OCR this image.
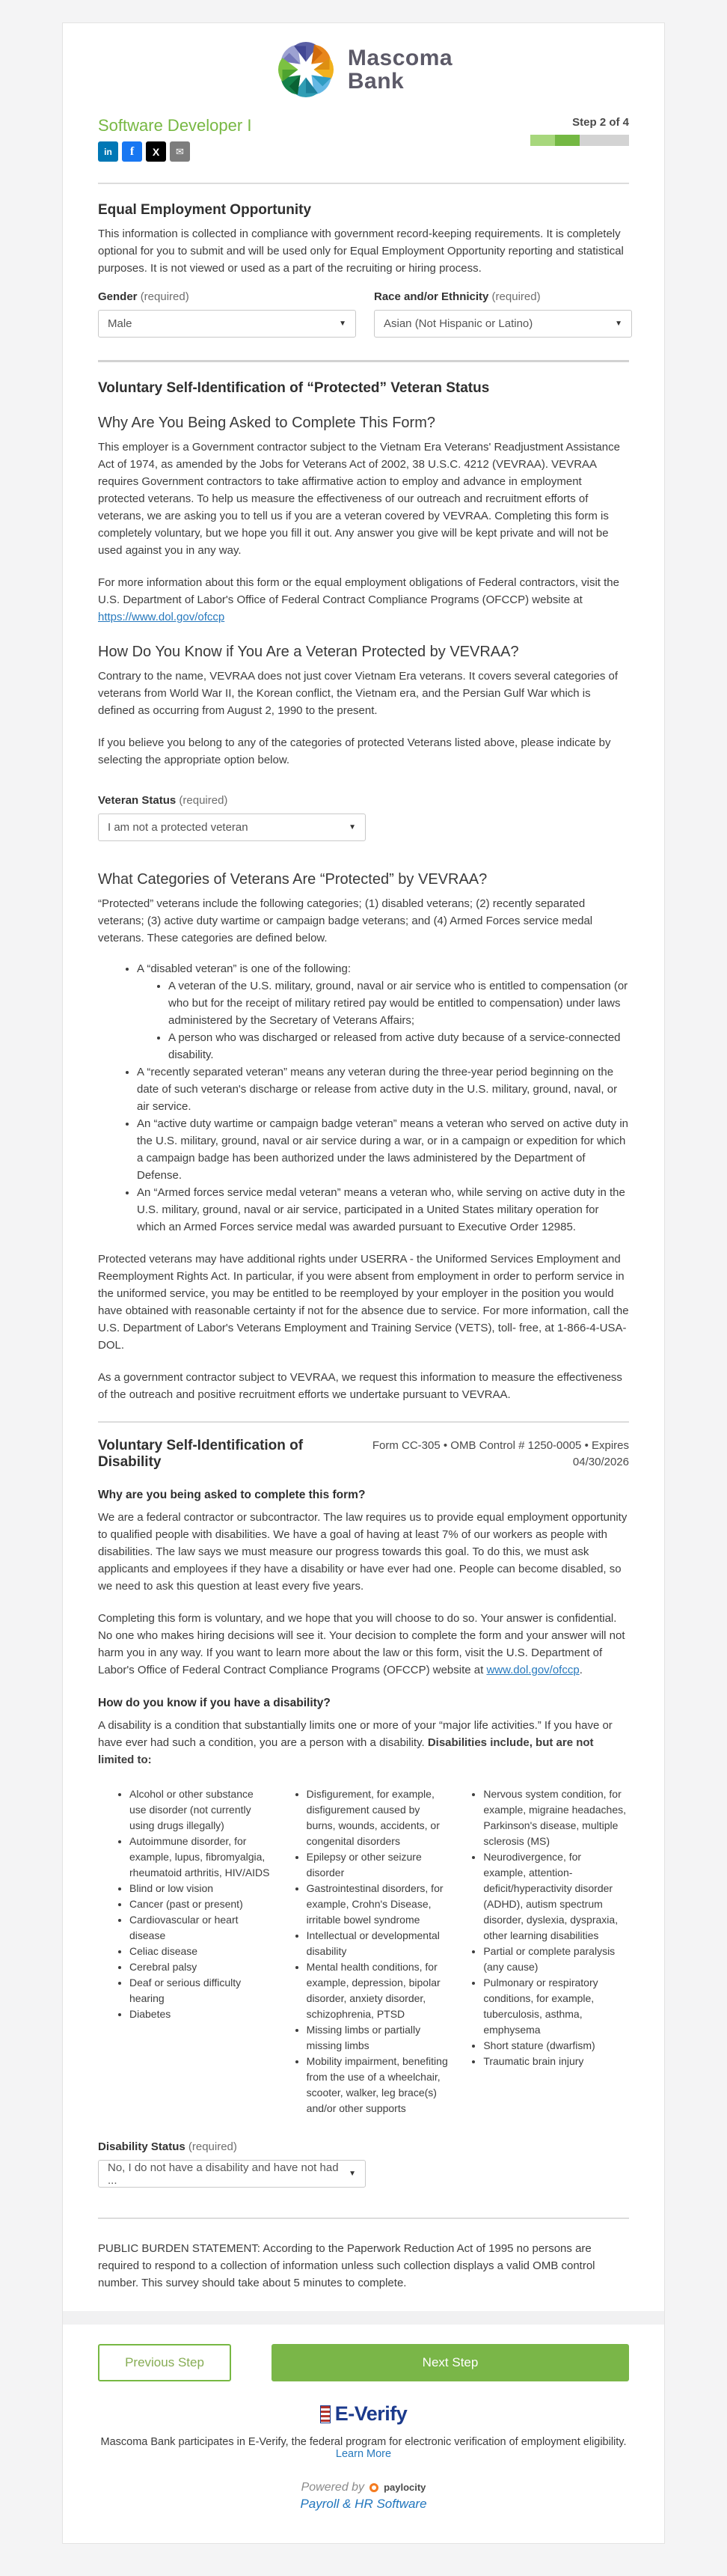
Mascoma
Bank
Software Developer I
in	f	X	✉
Step 2 of 4
Equal Employment Opportunity

This information is collected in compliance with government record-keeping requirements. It is completely optional for you to submit and will be used only for Equal Employment Opportunity reporting and statistical purposes. It is not viewed or used as a part of the recruiting or hiring process.

Gender (required)
Male	▼
Race and/or Ethnicity (required)
Asian (Not Hispanic or Latino)	▼
Voluntary Self-Identification of “Protected” Veteran Status
Why Are You Being Asked to Complete This Form?

This employer is a Government contractor subject to the Vietnam Era Veterans' Readjustment Assistance Act of 1974, as amended by the Jobs for Veterans Act of 2002, 38 U.S.C. 4212 (VEVRAA). VEVRAA requires Government contractors to take affirmative action to employ and advance in employment protected veterans. To help us measure the effectiveness of our outreach and recruitment efforts of veterans, we are asking you to tell us if you are a veteran covered by VEVRAA. Completing this form is completely voluntary, but we hope you fill it out. Any answer you give will be kept private and will not be used against you in any way.

For more information about this form or the equal employment obligations of Federal contractors, visit the U.S. Department of Labor's Office of Federal Contract Compliance Programs (OFCCP) website at
https://www.dol.gov/ofccp

How Do You Know if You Are a Veteran Protected by VEVRAA?

Contrary to the name, VEVRAA does not just cover Vietnam Era veterans. It covers several categories of veterans from World War II, the Korean conflict, the Vietnam era, and the Persian Gulf War which is defined as occurring from August 2, 1990 to the present.

If you believe you belong to any of the categories of protected Veterans listed above, please indicate by selecting the appropriate option below.

Veteran Status (required)
I am not a protected veteran	▼
What Categories of Veterans Are “Protected” by VEVRAA?

“Protected” veterans include the following categories; (1) disabled veterans; (2) recently separated veterans; (3) active duty wartime or campaign badge veterans; and (4) Armed Forces service medal veterans. These categories are defined below.

• A “disabled veteran” is one of the following:
• A veteran of the U.S. military, ground, naval or air service who is entitled to compensation (or who but for the receipt of military retired pay would be entitled to compensation) under laws administered by the Secretary of Veterans Affairs;
• A person who was discharged or released from active duty because of a service-connected disability.
• A “recently separated veteran” means any veteran during the three-year period beginning on the date of such veteran's discharge or release from active duty in the U.S. military, ground, naval, or air service.
• An “active duty wartime or campaign badge veteran” means a veteran who served on active duty in the U.S. military, ground, naval or air service during a war, or in a campaign or expedition for which a campaign badge has been authorized under the laws administered by the Department of Defense.
• An “Armed forces service medal veteran” means a veteran who, while serving on active duty in the U.S. military, ground, naval or air service, participated in a United States military operation for which an Armed Forces service medal was awarded pursuant to Executive Order 12985.

Protected veterans may have additional rights under USERRA - the Uniformed Services Employment and Reemployment Rights Act. In particular, if you were absent from employment in order to perform service in the uniformed service, you may be entitled to be reemployed by your employer in the position you would have obtained with reasonable certainty if not for the absence due to service. For more information, call the U.S. Department of Labor's Veterans Employment and Training Service (VETS), toll- free, at 1-866-4-USA-DOL.

As a government contractor subject to VEVRAA, we request this information to measure the effectiveness of the outreach and positive recruitment efforts we undertake pursuant to VEVRAA.

Voluntary Self-Identification of Disability
Form CC-305 • OMB Control # 1250-0005 • Expires 04/30/2026
Why are you being asked to complete this form?

We are a federal contractor or subcontractor. The law requires us to provide equal employment opportunity to qualified people with disabilities. We have a goal of having at least 7% of our workers as people with disabilities. The law says we must measure our progress towards this goal. To do this, we must ask applicants and employees if they have a disability or have ever had one. People can become disabled, so we need to ask this question at least every five years.

Completing this form is voluntary, and we hope that you will choose to do so. Your answer is confidential. No one who makes hiring decisions will see it. Your decision to complete the form and your answer will not harm you in any way. If you want to learn more about the law or this form, visit the U.S. Department of Labor's Office of Federal Contract Compliance Programs (OFCCP) website at www.dol.gov/ofccp.

How do you know if you have a disability?

A disability is a condition that substantially limits one or more of your “major life activities.” If you have or have ever had such a condition, you are a person with a disability. Disabilities include, but are not limited to:

• Alcohol or other substance use disorder (not currently using drugs illegally)
• Autoimmune disorder, for example, lupus, fibromyalgia, rheumatoid arthritis, HIV/AIDS
• Blind or low vision
• Cancer (past or present)
• Cardiovascular or heart disease
• Celiac disease
• Cerebral palsy
• Deaf or serious difficulty hearing
• Diabetes
• Disfigurement, for example, disfigurement caused by burns, wounds, accidents, or congenital disorders
• Epilepsy or other seizure disorder
• Gastrointestinal disorders, for example, Crohn's Disease, irritable bowel syndrome
• Intellectual or developmental disability
• Mental health conditions, for example, depression, bipolar disorder, anxiety disorder, schizophrenia, PTSD
• Missing limbs or partially missing limbs
• Mobility impairment, benefiting from the use of a wheelchair, scooter, walker, leg brace(s) and/or other supports
• Nervous system condition, for example, migraine headaches, Parkinson's disease, multiple sclerosis (MS)
• Neurodivergence, for example, attention-deficit/hyperactivity disorder (ADHD), autism spectrum disorder, dyslexia, dyspraxia, other learning disabilities
• Partial or complete paralysis (any cause)
• Pulmonary or respiratory conditions, for example, tuberculosis, asthma, emphysema
• Short stature (dwarfism)
• Traumatic brain injury
Disability Status (required)
No, I do not have a disability and have not had ...	▼

PUBLIC BURDEN STATEMENT: According to the Paperwork Reduction Act of 1995 no persons are required to respond to a collection of information unless such collection displays a valid OMB control number. This survey should take about 5 minutes to complete.

Previous Step	Next Step
E-Verify
Mascoma Bank participates in E-Verify, the federal program for electronic verification of employment eligibility. Learn More
Powered by paylocity
Payroll & HR Software
